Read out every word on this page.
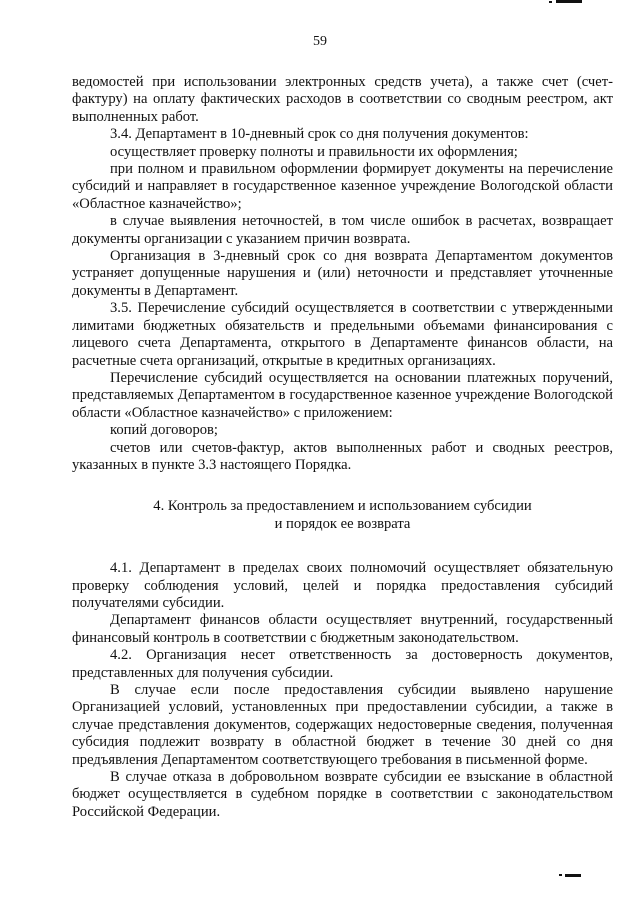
59

ведомостей при использовании электронных средств учета), а также счет (счет-фактуру) на оплату фактических расходов в соответствии со сводным реестром, акт выполненных работ.

3.4. Департамент в 10-дневный срок со дня получения документов:

осуществляет проверку полноты и правильности их оформления;

при полном и правильном оформлении формирует документы на перечисление субсидий и направляет в государственное казенное учреждение Вологодской области «Областное казначейство»;

в случае выявления неточностей, в том числе ошибок в расчетах, возвращает документы организации с указанием причин возврата.

Организация в 3-дневный срок со дня возврата Департаментом документов устраняет допущенные нарушения и (или) неточности и представляет уточненные документы в Департамент.

3.5. Перечисление субсидий осуществляется в соответствии с утвержденными лимитами бюджетных обязательств и предельными объемами финансирования с лицевого счета Департамента, открытого в Департаменте финансов области, на расчетные счета организаций, открытые в кредитных организациях.

Перечисление субсидий осуществляется на основании платежных поручений, представляемых Департаментом в государственное казенное учреждение Вологодской области «Областное казначейство» с приложением:

копий договоров;

счетов или счетов-фактур, актов выполненных работ и сводных реестров, указанных в пункте 3.3 настоящего Порядка.

4. Контроль за предоставлением и использованием субсидии
и порядок ее возврата

4.1. Департамент в пределах своих полномочий осуществляет обязательную проверку соблюдения условий, целей и порядка предоставления субсидий получателями субсидии.

Департамент финансов области осуществляет внутренний, государственный финансовый контроль в соответствии с бюджетным законодательством.

4.2. Организация несет ответственность за достоверность документов, представленных для получения субсидии.

В случае если после предоставления субсидии выявлено нарушение Организацией условий, установленных при предоставлении субсидии, а также в случае представления документов, содержащих недостоверные сведения, полученная субсидия подлежит возврату в областной бюджет в течение 30 дней со дня предъявления Департаментом соответствующего требования в письменной форме.

В случае отказа в добровольном возврате субсидии ее взыскание в областной бюджет осуществляется в судебном порядке в соответствии с законодательством Российской Федерации.
